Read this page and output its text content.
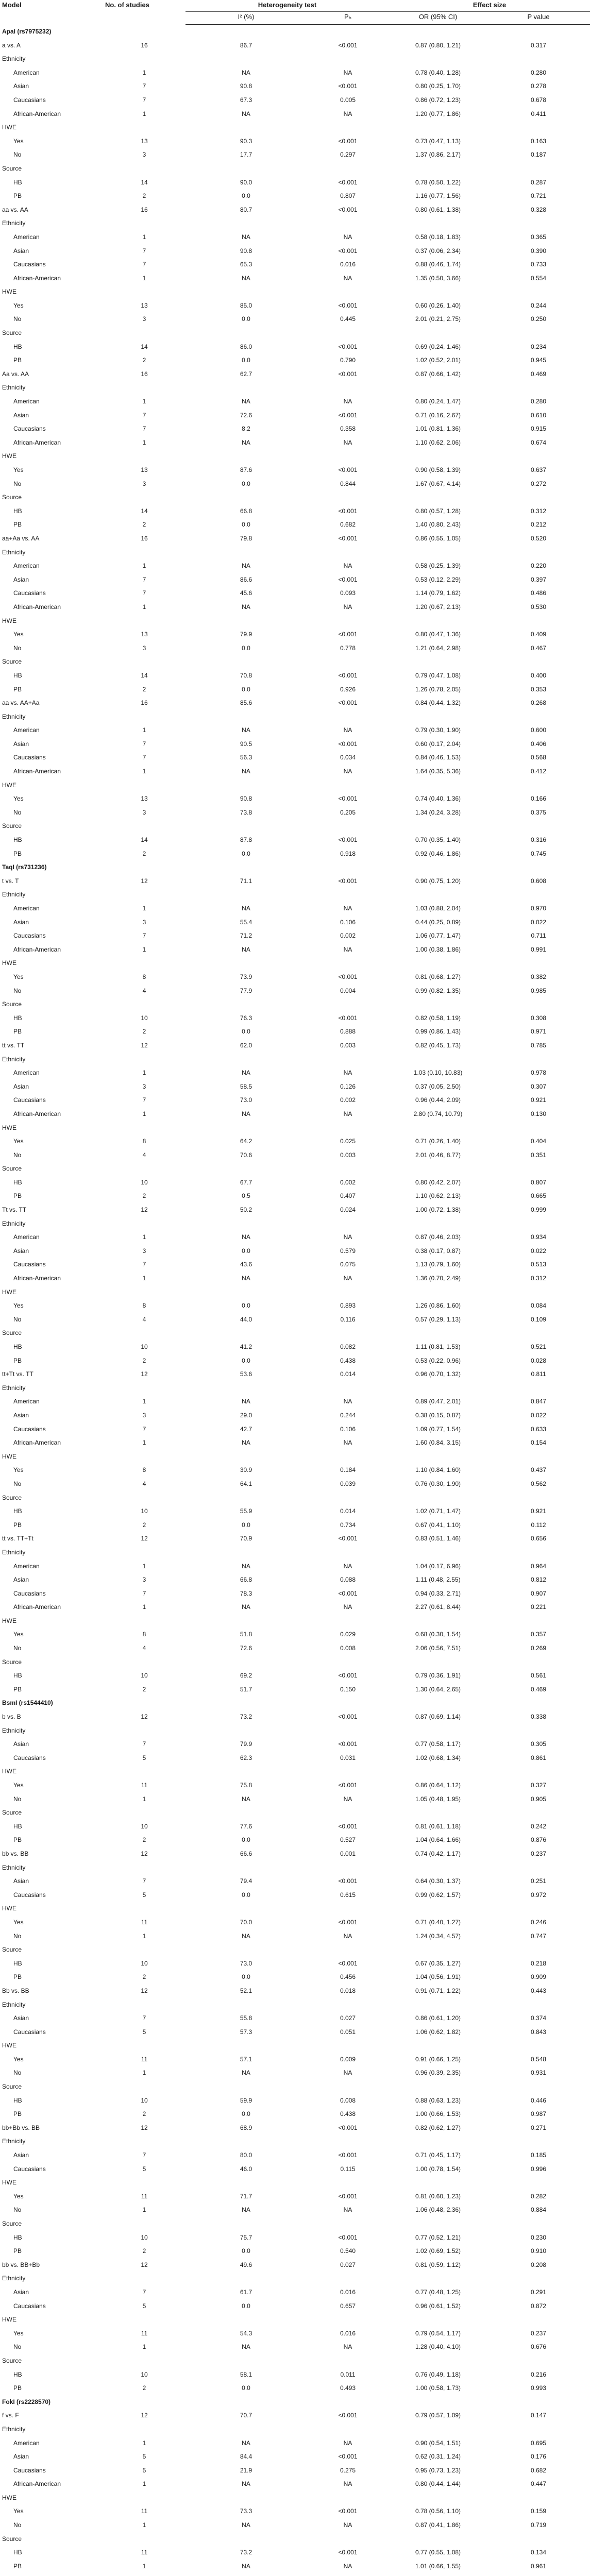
Model	No. of studies	Heterogeneity test		Effect size	
		I² (%)	Pₕ	OR (95% CI)	P value
ApaI (rs7975232)					
a vs. A	16	86.7	<0.001	0.87 (0.80, 1.21)	0.317
Ethnicity					
American	1	NA	NA	0.78 (0.40, 1.28)	0.280
Asian	7	90.8	<0.001	0.80 (0.25, 1.70)	0.278
Caucasians	7	67.3	0.005	0.86 (0.72, 1.23)	0.678
African-American	1	NA	NA	1.20 (0.77, 1.86)	0.411
HWE					
Yes	13	90.3	<0.001	0.73 (0.47, 1.13)	0.163
No	3	17.7	0.297	1.37 (0.86, 2.17)	0.187
Source					
HB	14	90.0	<0.001	0.78 (0.50, 1.22)	0.287
PB	2	0.0	0.807	1.16 (0.77, 1.56)	0.721
aa vs. AA	16	80.7	<0.001	0.80 (0.61, 1.38)	0.328
Ethnicity					
American	1	NA	NA	0.58 (0.18, 1.83)	0.365
Asian	7	90.8	<0.001	0.37 (0.06, 2.34)	0.390
Caucasians	7	65.3	0.016	0.88 (0.46, 1.74)	0.733
African-American	1	NA	NA	1.35 (0.50, 3.66)	0.554
HWE					
Yes	13	85.0	<0.001	0.60 (0.26, 1.40)	0.244
No	3	0.0	0.445	2.01 (0.21, 2.75)	0.250
Source					
HB	14	86.0	<0.001	0.69 (0.24, 1.46)	0.234
PB	2	0.0	0.790	1.02 (0.52, 2.01)	0.945
Aa vs. AA	16	62.7	<0.001	0.87 (0.66, 1.42)	0.469
Ethnicity					
American	1	NA	NA	0.80 (0.24, 1.47)	0.280
Asian	7	72.6	<0.001	0.71 (0.16, 2.67)	0.610
Caucasians	7	8.2	0.358	1.01 (0.81, 1.36)	0.915
African-American	1	NA	NA	1.10 (0.62, 2.06)	0.674
HWE					
Yes	13	87.6	<0.001	0.90 (0.58, 1.39)	0.637
No	3	0.0	0.844	1.67 (0.67, 4.14)	0.272
Source					
HB	14	66.8	<0.001	0.80 (0.57, 1.28)	0.312
PB	2	0.0	0.682	1.40 (0.80, 2.43)	0.212
aa+Aa vs. AA	16	79.8	<0.001	0.86 (0.55, 1.05)	0.520
Ethnicity					
American	1	NA	NA	0.58 (0.25, 1.39)	0.220
Asian	7	86.6	<0.001	0.53 (0.12, 2.29)	0.397
Caucasians	7	45.6	0.093	1.14 (0.79, 1.62)	0.486
African-American	1	NA	NA	1.20 (0.67, 2.13)	0.530
HWE					
Yes	13	79.9	<0.001	0.80 (0.47, 1.36)	0.409
No	3	0.0	0.778	1.21 (0.64, 2.98)	0.467
Source					
HB	14	70.8	<0.001	0.79 (0.47, 1.08)	0.400
PB	2	0.0	0.926	1.26 (0.78, 2.05)	0.353
aa vs. AA+Aa	16	85.6	<0.001	0.84 (0.44, 1.32)	0.268
Ethnicity					
American	1	NA	NA	0.79 (0.30, 1.90)	0.600
Asian	7	90.5	<0.001	0.60 (0.17, 2.04)	0.406
Caucasians	7	56.3	0.034	0.84 (0.46, 1.53)	0.568
African-American	1	NA	NA	1.64 (0.35, 5.36)	0.412
HWE					
Yes	13	90.8	<0.001	0.74 (0.40, 1.36)	0.166
No	3	73.8	0.205	1.34 (0.24, 3.28)	0.375
Source					
HB	14	87.8	<0.001	0.70 (0.35, 1.40)	0.316
PB	2	0.0	0.918	0.92 (0.46, 1.86)	0.745
TaqI (rs731236)					
t vs. T	12	71.1	<0.001	0.90 (0.75, 1.20)	0.608
Ethnicity					
American	1	NA	NA	1.03 (0.88, 2.04)	0.970
Asian	3	55.4	0.106	0.44 (0.25, 0.89)	0.022
Caucasians	7	71.2	0.002	1.06 (0.77, 1.47)	0.711
African-American	1	NA	NA	1.00 (0.38, 1.86)	0.991
HWE					
Yes	8	73.9	<0.001	0.81 (0.68, 1.27)	0.382
No	4	77.9	0.004	0.99 (0.82, 1.35)	0.985
Source					
HB	10	76.3	<0.001	0.82 (0.58, 1.19)	0.308
PB	2	0.0	0.888	0.99 (0.86, 1.43)	0.971
tt vs. TT	12	62.0	0.003	0.82 (0.45, 1.73)	0.785
Ethnicity					
American	1	NA	NA	1.03 (0.10, 10.83)	0.978
Asian	3	58.5	0.126	0.37 (0.05, 2.50)	0.307
Caucasians	7	73.0	0.002	0.96 (0.44, 2.09)	0.921
African-American	1	NA	NA	2.80 (0.74, 10.79)	0.130
HWE					
Yes	8	64.2	0.025	0.71 (0.26, 1.40)	0.404
No	4	70.6	0.003	2.01 (0.46, 8.77)	0.351
Source					
HB	10	67.7	0.002	0.80 (0.42, 2.07)	0.807
PB	2	0.5	0.407	1.10 (0.62, 2.13)	0.665
Tt vs. TT	12	50.2	0.024	1.00 (0.72, 1.38)	0.999
Ethnicity					
American	1	NA	NA	0.87 (0.46, 2.03)	0.934
Asian	3	0.0	0.579	0.38 (0.17, 0.87)	0.022
Caucasians	7	43.6	0.075	1.13 (0.79, 1.60)	0.513
African-American	1	NA	NA	1.36 (0.70, 2.49)	0.312
HWE					
Yes	8	0.0	0.893	1.26 (0.86, 1.60)	0.084
No	4	44.0	0.116	0.57 (0.29, 1.13)	0.109
Source					
HB	10	41.2	0.082	1.11 (0.81, 1.53)	0.521
PB	2	0.0	0.438	0.53 (0.22, 0.96)	0.028
tt+Tt vs. TT	12	53.6	0.014	0.96 (0.70, 1.32)	0.811
Ethnicity					
American	1	NA	NA	0.89 (0.47, 2.01)	0.847
Asian	3	29.0	0.244	0.38 (0.15, 0.87)	0.022
Caucasians	7	42.7	0.106	1.09 (0.77, 1.54)	0.633
African-American	1	NA	NA	1.60 (0.84, 3.15)	0.154
HWE					
Yes	8	30.9	0.184	1.10 (0.84, 1.60)	0.437
No	4	64.1	0.039	0.76 (0.30, 1.90)	0.562
Source					
HB	10	55.9	0.014	1.02 (0.71, 1.47)	0.921
PB	2	0.0	0.734	0.67 (0.41, 1.10)	0.112
tt vs. TT+Tt	12	70.9	<0.001	0.83 (0.51, 1.46)	0.656
Ethnicity					
American	1	NA	NA	1.04 (0.17, 6.96)	0.964
Asian	3	66.8	0.088	1.11 (0.48, 2.55)	0.812
Caucasians	7	78.3	<0.001	0.94 (0.33, 2.71)	0.907
African-American	1	NA	NA	2.27 (0.61, 8.44)	0.221
HWE					
Yes	8	51.8	0.029	0.68 (0.30, 1.54)	0.357
No	4	72.6	0.008	2.06 (0.56, 7.51)	0.269
Source					
HB	10	69.2	<0.001	0.79 (0.36, 1.91)	0.561
PB	2	51.7	0.150	1.30 (0.64, 2.65)	0.469
BsmI (rs1544410)					
b vs. B	12	73.2	<0.001	0.87 (0.69, 1.14)	0.338
Ethnicity					
Asian	7	79.9	<0.001	0.77 (0.58, 1.17)	0.305
Caucasians	5	62.3	0.031	1.02 (0.68, 1.34)	0.861
HWE					
Yes	11	75.8	<0.001	0.86 (0.64, 1.12)	0.327
No	1	NA	NA	1.05 (0.48, 1.95)	0.905
Source					
HB	10	77.6	<0.001	0.81 (0.61, 1.18)	0.242
PB	2	0.0	0.527	1.04 (0.64, 1.66)	0.876
bb vs. BB	12	66.6	0.001	0.74 (0.42, 1.17)	0.237
Ethnicity					
Asian	7	79.4	<0.001	0.64 (0.30, 1.37)	0.251
Caucasians	5	0.0	0.615	0.99 (0.62, 1.57)	0.972
HWE					
Yes	11	70.0	<0.001	0.71 (0.40, 1.27)	0.246
No	1	NA	NA	1.24 (0.34, 4.57)	0.747
Source					
HB	10	73.0	<0.001	0.67 (0.35, 1.27)	0.218
PB	2	0.0	0.456	1.04 (0.56, 1.91)	0.909
Bb vs. BB	12	52.1	0.018	0.91 (0.71, 1.22)	0.443
Ethnicity					
Asian	7	55.8	0.027	0.86 (0.61, 1.20)	0.374
Caucasians	5	57.3	0.051	1.06 (0.62, 1.82)	0.843
HWE					
Yes	11	57.1	0.009	0.91 (0.66, 1.25)	0.548
No	1	NA	NA	0.96 (0.39, 2.35)	0.931
Source					
HB	10	59.9	0.008	0.88 (0.63, 1.23)	0.446
PB	2	0.0	0.438	1.00 (0.66, 1.53)	0.987
bb+Bb vs. BB	12	68.9	<0.001	0.82 (0.62, 1.27)	0.271
Ethnicity					
Asian	7	80.0	<0.001	0.71 (0.45, 1.17)	0.185
Caucasians	5	46.0	0.115	1.00 (0.78, 1.54)	0.996
HWE					
Yes	11	71.7	<0.001	0.81 (0.60, 1.23)	0.282
No	1	NA	NA	1.06 (0.48, 2.36)	0.884
Source					
HB	10	75.7	<0.001	0.77 (0.52, 1.21)	0.230
PB	2	0.0	0.540	1.02 (0.69, 1.52)	0.910
bb vs. BB+Bb	12	49.6	0.027	0.81 (0.59, 1.12)	0.208
Ethnicity					
Asian	7	61.7	0.016	0.77 (0.48, 1.25)	0.291
Caucasians	5	0.0	0.657	0.96 (0.61, 1.52)	0.872
HWE					
Yes	11	54.3	0.016	0.79 (0.54, 1.17)	0.237
No	1	NA	NA	1.28 (0.40, 4.10)	0.676
Source					
HB	10	58.1	0.011	0.76 (0.49, 1.18)	0.216
PB	2	0.0	0.493	1.00 (0.58, 1.73)	0.993
FokI (rs2228570)					
f vs. F	12	70.7	<0.001	0.79 (0.57, 1.09)	0.147
Ethnicity					
American	1	NA	NA	0.90 (0.54, 1.51)	0.695
Asian	5	84.4	<0.001	0.62 (0.31, 1.24)	0.176
Caucasians	5	21.9	0.275	0.95 (0.73, 1.23)	0.682
African-American	1	NA	NA	0.80 (0.44, 1.44)	0.447
HWE					
Yes	11	73.3	<0.001	0.78 (0.56, 1.10)	0.159
No	1	NA	NA	0.87 (0.41, 1.86)	0.719
Source					
HB	11	73.2	<0.001	0.77 (0.55, 1.08)	0.134
PB	1	NA	NA	1.01 (0.66, 1.55)	0.961
